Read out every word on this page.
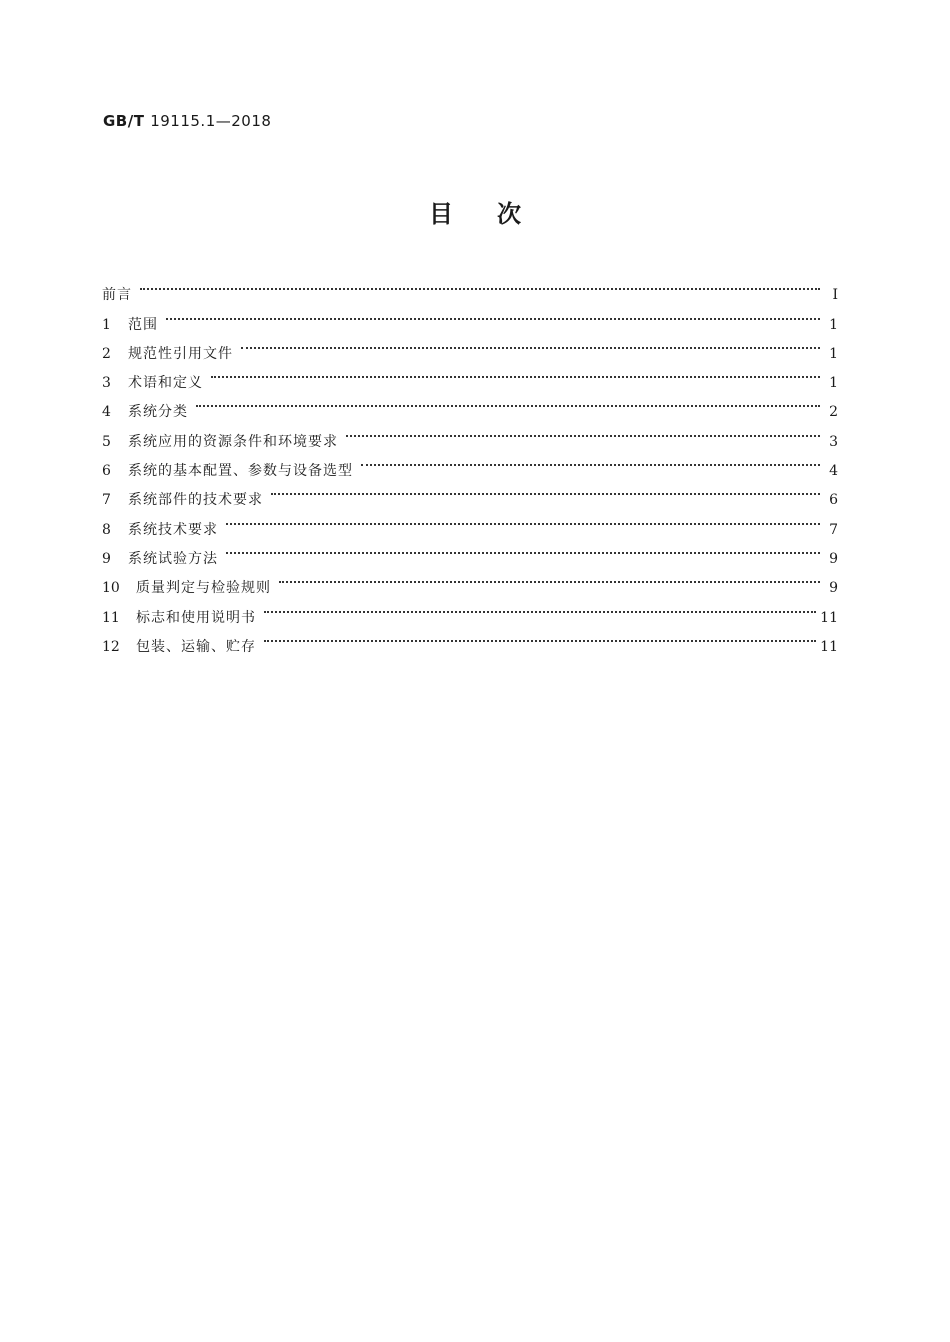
GB/T 19115.1—2018
目次
前言	Ⅰ
1	范围	1
2	规范性引用文件	1
3	术语和定义	1
4	系统分类	2
5	系统应用的资源条件和环境要求	3
6	系统的基本配置、参数与设备选型	4
7	系统部件的技术要求	6
8	系统技术要求	7
9	系统试验方法	9
10	质量判定与检验规则	9
11	标志和使用说明书	11
12	包装、运输、贮存	11
